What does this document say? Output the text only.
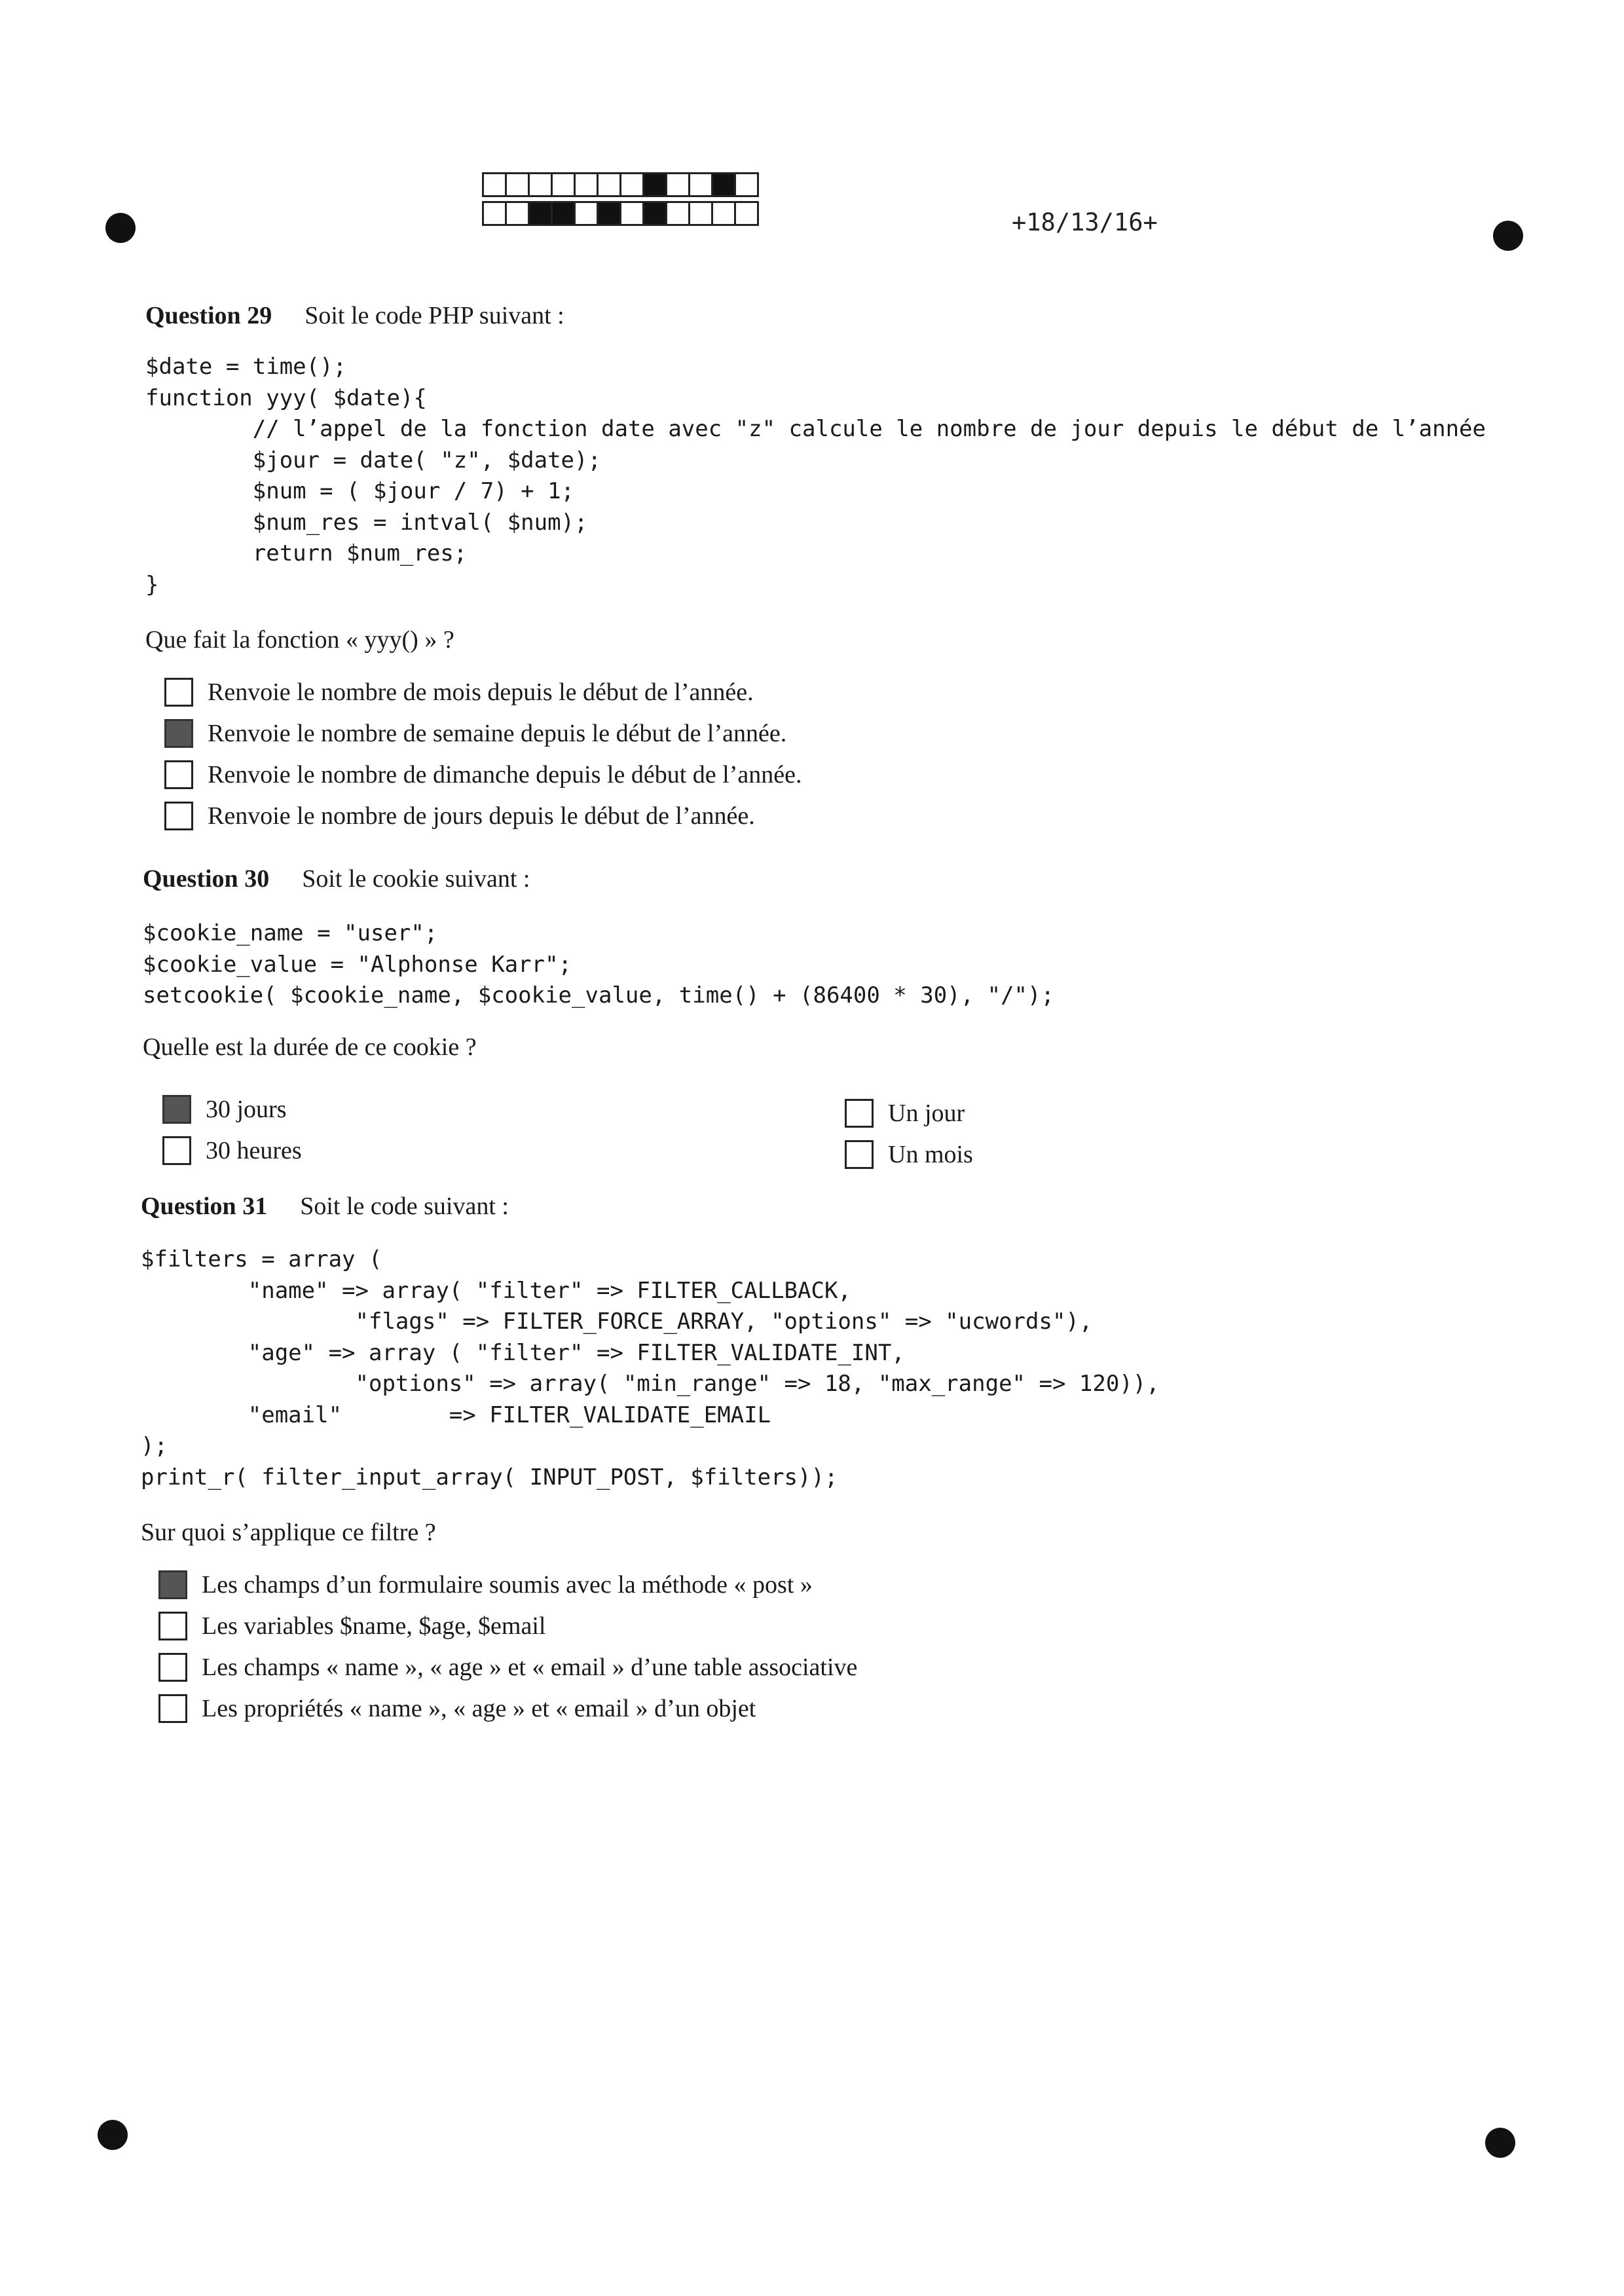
+18/13/16+
Question 29 Soit le code PHP suivant :
$date = time();
function yyy( $date){
// l’appel de la fonction date avec "z" calcule le nombre de jour depuis le début de l’année
$jour = date( "z", $date);
$num = ( $jour / 7) + 1;
$num_res = intval( $num);
return $num_res;
}
Que fait la fonction « yyy() » ?
Renvoie le nombre de mois depuis le début de l’année.
Renvoie le nombre de semaine depuis le début de l’année.
Renvoie le nombre de dimanche depuis le début de l’année.
Renvoie le nombre de jours depuis le début de l’année.
Question 30 Soit le cookie suivant :
$cookie_name = "user";
$cookie_value = "Alphonse Karr";
setcookie( $cookie_name, $cookie_value, time() + (86400 * 30), "/");
Quelle est la durée de ce cookie ?
30 jours
30 heures
Un jour
Un mois
Question 31 Soit le code suivant :
$filters = array (
"name" => array( "filter" => FILTER_CALLBACK,
"flags" => FILTER_FORCE_ARRAY, "options" => "ucwords"),
"age" => array ( "filter" => FILTER_VALIDATE_INT,
"options" => array( "min_range" => 18, "max_range" => 120)),
"email"        => FILTER_VALIDATE_EMAIL
);
print_r( filter_input_array( INPUT_POST, $filters));
Sur quoi s’applique ce filtre ?
Les champs d’un formulaire soumis avec la méthode « post »
Les variables $name, $age, $email
Les champs « name », « age » et « email » d’une table associative
Les propriétés « name », « age » et « email » d’un objet
